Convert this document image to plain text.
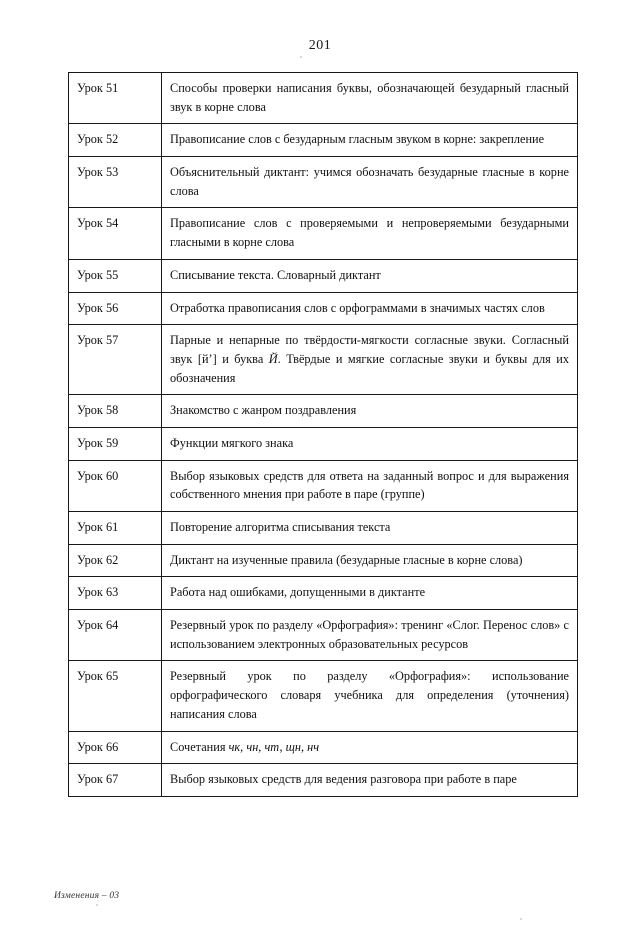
201
Урок 51	Способы проверки написания буквы, обозначающей безударный гласный звук в корне слова
Урок 52	Правописание слов с безударным гласным звуком в корне: закрепление
Урок 53	Объяснительный диктант: учимся обозначать безударные гласные в корне слова
Урок 54	Правописание слов с проверяемыми и непроверяемыми безударными гласными в корне слова
Урок 55	Списывание текста. Словарный диктант
Урок 56	Отработка правописания слов с орфограммами в значимых частях слов
Урок 57	Парные и непарные по твёрдости-мягкости согласные звуки. Согласный звук [й’] и буква Й. Твёрдые и мягкие согласные звуки и буквы для их обозначения
Урок 58	Знакомство с жанром поздравления
Урок 59	Функции мягкого знака
Урок 60	Выбор языковых средств для ответа на заданный вопрос и для выражения собственного мнения при работе в паре (группе)
Урок 61	Повторение алгоритма списывания текста
Урок 62	Диктант на изученные правила (безударные гласные в корне слова)
Урок 63	Работа над ошибками, допущенными в диктанте
Урок 64	Резервный урок по разделу «Орфография»: тренинг «Слог. Перенос слов» с использованием электронных образовательных ресурсов
Урок 65	Резервный урок по разделу «Орфография»: использование орфографического словаря учебника для определения (уточнения) написания слова
Урок 66	Сочетания чк, чн, чт, щн, нч
Урок 67	Выбор языковых средств для ведения разговора при работе в паре
Изменения – 03
